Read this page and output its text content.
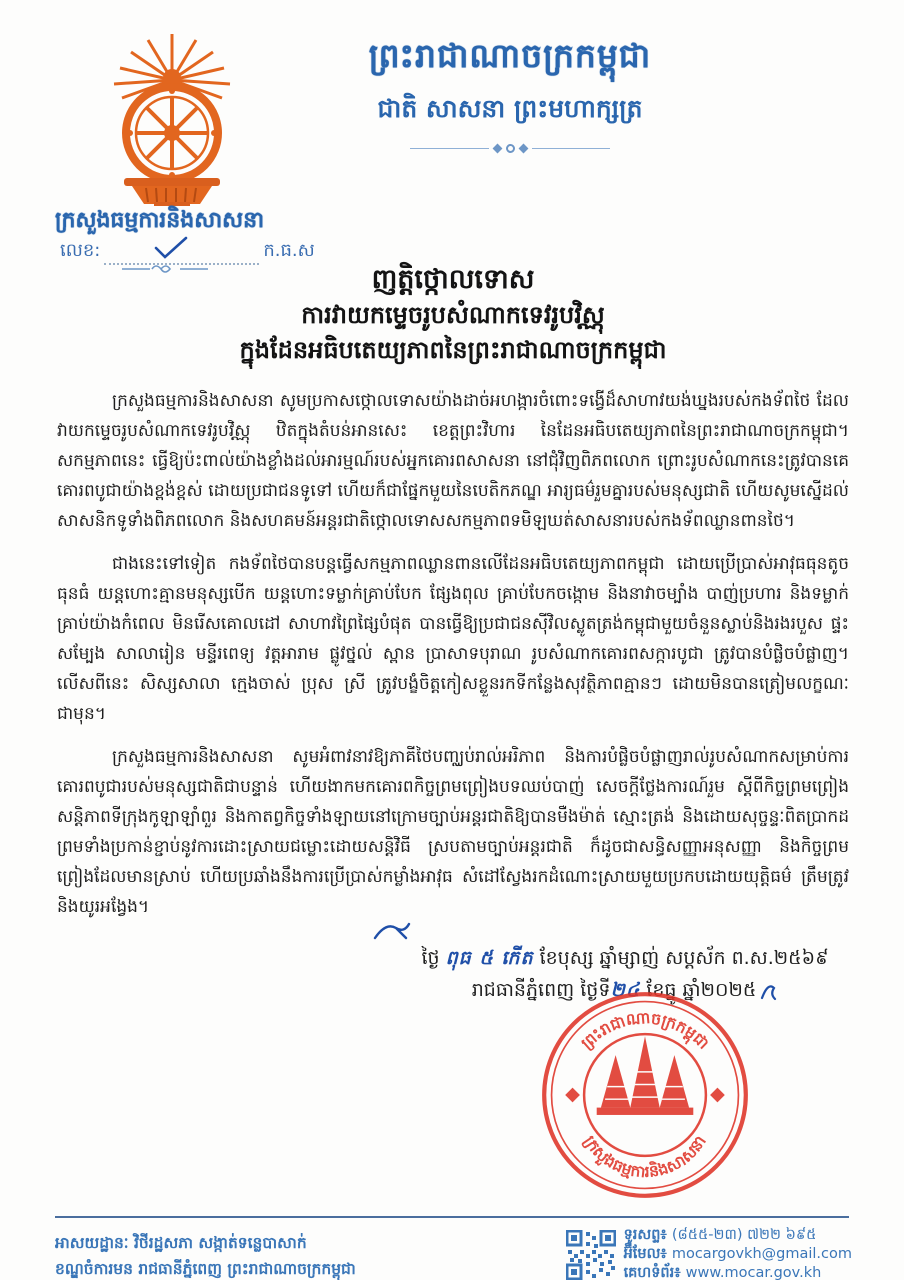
ព្រះរាជាណាចក្រកម្ពុជា
ជាតិ សាសនា ព្រះមហាក្សត្រ
ក្រសួងធម្មការនិងសាសនា
លេខ:	ក.ធ.ស
ញត្តិថ្កោលទោស
ការវាយកម្ទេចរូបសំណាកទេវរូបវិស្ណុ
ក្នុងដែនអធិបតេយ្យភាពនៃព្រះរាជាណាចក្រកម្ពុជា

ក្រសួងធម្មការនិងសាសនា សូមប្រកាសថ្កោលទោសយ៉ាងដាច់អហង្ការចំពោះទង្វើដ៏សាហាវយង់ឃ្នងរបស់កងទ័ពថៃ ដែលវាយកម្ទេចរូបសំណាកទេវរូបវិស្ណុ ឋិតក្នុងតំបន់អានសេះ ខេត្តព្រះវិហារ នៃដែនអធិបតេយ្យភាពនៃព្រះរាជាណាចក្រកម្ពុជា។ សកម្មភាពនេះ ធ្វើឱ្យប៉ះពាល់យ៉ាងខ្លាំងដល់អារម្មណ៍របស់អ្នកគោរពសាសនា នៅជុំវិញពិភពលោក ព្រោះរូបសំណាកនេះត្រូវបានគេគោរពបូជាយ៉ាងខ្ពង់ខ្ពស់ ដោយប្រជាជនទូទៅ ហើយក៏ជាផ្នែកមួយនៃបេតិកភណ្ឌ អារ្យធម៌រួមគ្នារបស់មនុស្សជាតិ ហើយសូមស្នើដល់សាសនិកទូទាំងពិភពលោក និងសហគមន៍អន្តរជាតិថ្កោលទោសសកម្មភាពទមិឡឃត់សាសនារបស់កងទ័ពឈ្លានពានថៃ។

ជាងនេះទៅទៀត កងទ័ពថៃបានបន្តធ្វើសកម្មភាពឈ្លានពានលើដែនអធិបតេយ្យភាពកម្ពុជា ដោយប្រើប្រាស់អាវុធធុនតូច ធុនធំ យន្តហោះគ្មានមនុស្សបើក យន្តហោះទម្លាក់គ្រាប់បែក ផ្សែងពុល គ្រាប់បែកចង្កោម និងនាវាចម្បាំង បាញ់ប្រហារ និងទម្លាក់គ្រាប់យ៉ាងកំពេល មិនរើសគោលដៅ សាហាវព្រៃផ្សៃបំផុត បានធ្វើឱ្យប្រជាជនស៊ីវិលស្លូតត្រង់កម្ពុជាមួយចំនួនស្លាប់និងរងរបួស ផ្ទះសម្បែង សាលារៀន មន្ទីរពេទ្យ វត្តអារាម ផ្លូវថ្នល់ ស្ពាន ប្រាសាទបុរាណ រូបសំណាកគោរពសក្ការបូជា ត្រូវបានបំផ្លិចបំផ្លាញ។ លើសពីនេះ សិស្សសាលា ក្មេងចាស់ ប្រុស ស្រី ត្រូវបង្ខំចិត្តកៀសខ្លួនរកទីកន្លែងសុវត្ថិភាពគ្មានៗ ដោយមិនបានត្រៀមលក្ខណៈជាមុន។

ក្រសួងធម្មការនិងសាសនា សូមអំពាវនាវឱ្យភាគីថៃបញ្ឈប់រាល់អរិភាព និងការបំផ្លិចបំផ្លាញរាល់រូបសំណាកសម្រាប់ការគោរពបូជារបស់មនុស្សជាតិជាបន្ទាន់ ហើយងាកមកគោរពកិច្ចព្រមព្រៀងបទឈប់បាញ់ សេចក្តីថ្លែងការណ៍រួម ស្តីពីកិច្ចព្រមព្រៀងសន្តិភាពទីក្រុងកូឡាឡាំពួរ និងកាតព្វកិច្ចទាំងឡាយនៅក្រោមច្បាប់អន្តរជាតិឱ្យបានមឺងម៉ាត់ ស្មោះត្រង់ និងដោយសុច្ចន្ទៈពិតប្រាកដ ព្រមទាំងប្រកាន់ខ្ជាប់នូវការដោះស្រាយជម្លោះដោយសន្តិវិធី ស្របតាមច្បាប់អន្តរជាតិ ក៏ដូចជាសន្ធិសញ្ញាអនុសញ្ញា និងកិច្ចព្រមព្រៀងដែលមានស្រាប់ ហើយប្រឆាំងនឹងការប្រើប្រាស់កម្លាំងអាវុធ សំដៅស្វែងរកដំណោះស្រាយមួយប្រកបដោយយុត្តិធម៌ ត្រឹមត្រូវ និងយូរអង្វែង។

ថ្ងៃ ពុធ ៥ កើត ខែបុស្ស ឆ្នាំម្សាញ់ សប្តស័ក ព.ស.២៥៦៩
រាជធានីភ្នំពេញ ថ្ងៃទី២៤ ខែធ្នូ ឆ្នាំ២០២៥
ព្រះរាជាណាចក្រកម្ពុជា
ក្រសួងធម្មការនិងសាសនា
អាសយដ្ឋានៈ វិថីរដ្ឋសភា សង្កាត់ទន្លេបាសាក់
ខណ្ឌចំការមន រាជធានីភ្នំពេញ ព្រះរាជាណាចក្រកម្ពុជា
ទូរសព្ទ៖ (៨៥៥-២៣) ៧២២ ៦៩៥
អ៊ីមែល៖ mocargovkh@gmail.com
គេហទំព័រ៖ www.mocar.gov.kh
